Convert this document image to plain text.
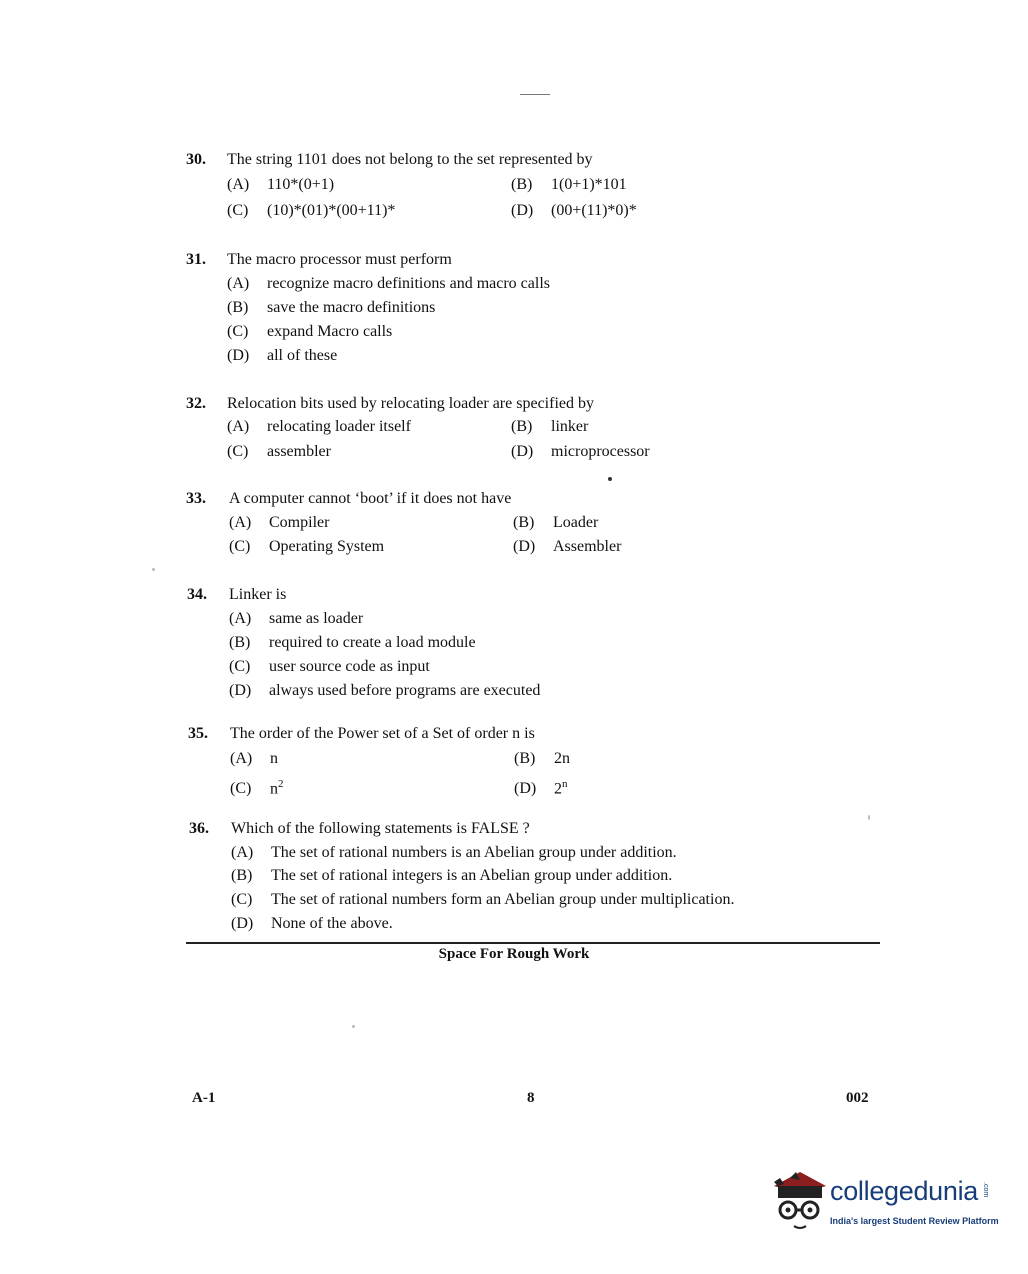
30. The string 1101 does not belong to the set represented by
(A) 110*(0+1)	(B) 1(0+1)*101
(C) (10)*(01)*(00+11)*	(D) (00+(11)*0)*
31. The macro processor must perform
(A) recognize macro definitions and macro calls
(B) save the macro definitions
(C) expand Macro calls
(D) all of these
32. Relocation bits used by relocating loader are specified by
(A) relocating loader itself	(B) linker
(C) assembler	(D) microprocessor
33. A computer cannot ‘boot’ if it does not have
(A) Compiler	(B) Loader
(C) Operating System	(D) Assembler
34. Linker is
(A) same as loader
(B) required to create a load module
(C) user source code as input
(D) always used before programs are executed
35. The order of the Power set of a Set of order n is
(A) n	(B) 2n
(C) $n^2$	(D) 2$^n$
36. Which of the following statements is FALSE ?
(A) The set of rational numbers is an Abelian group under addition.
(B) The set of rational integers is an Abelian group under addition.
(C) The set of rational numbers form an Abelian group under multiplication.
(D) None of the above.
Space For Rough Work
A-1	8	002
collegedunia .com
India's largest Student Review Platform
